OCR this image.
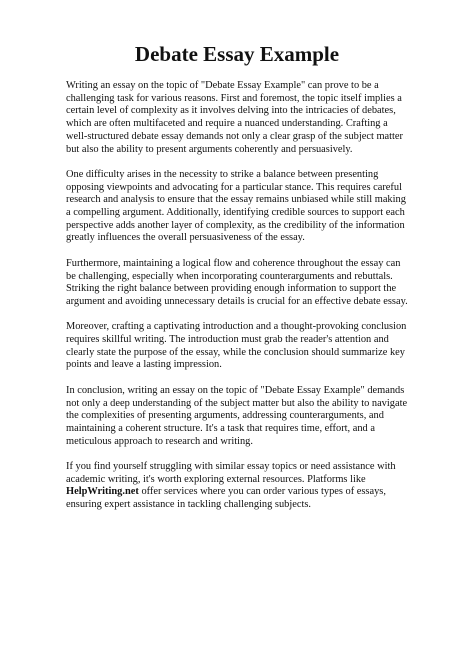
Debate Essay Example

Writing an essay on the topic of "Debate Essay Example" can prove to be a challenging task for various reasons. First and foremost, the topic itself implies a certain level of complexity as it involves delving into the intricacies of debates, which are often multifaceted and require a nuanced understanding. Crafting a well-structured debate essay demands not only a clear grasp of the subject matter but also the ability to present arguments coherently and persuasively.

One difficulty arises in the necessity to strike a balance between presenting opposing viewpoints and advocating for a particular stance. This requires careful research and analysis to ensure that the essay remains unbiased while still making a compelling argument. Additionally, identifying credible sources to support each perspective adds another layer of complexity, as the credibility of the information greatly influences the overall persuasiveness of the essay.

Furthermore, maintaining a logical flow and coherence throughout the essay can be challenging, especially when incorporating counterarguments and rebuttals. Striking the right balance between providing enough information to support the argument and avoiding unnecessary details is crucial for an effective debate essay.

Moreover, crafting a captivating introduction and a thought-provoking conclusion requires skillful writing. The introduction must grab the reader's attention and clearly state the purpose of the essay, while the conclusion should summarize key points and leave a lasting impression.

In conclusion, writing an essay on the topic of "Debate Essay Example" demands not only a deep understanding of the subject matter but also the ability to navigate the complexities of presenting arguments, addressing counterarguments, and maintaining a coherent structure. It's a task that requires time, effort, and a meticulous approach to research and writing.

If you find yourself struggling with similar essay topics or need assistance with academic writing, it's worth exploring external resources. Platforms like HelpWriting.net offer services where you can order various types of essays, ensuring expert assistance in tackling challenging subjects.
